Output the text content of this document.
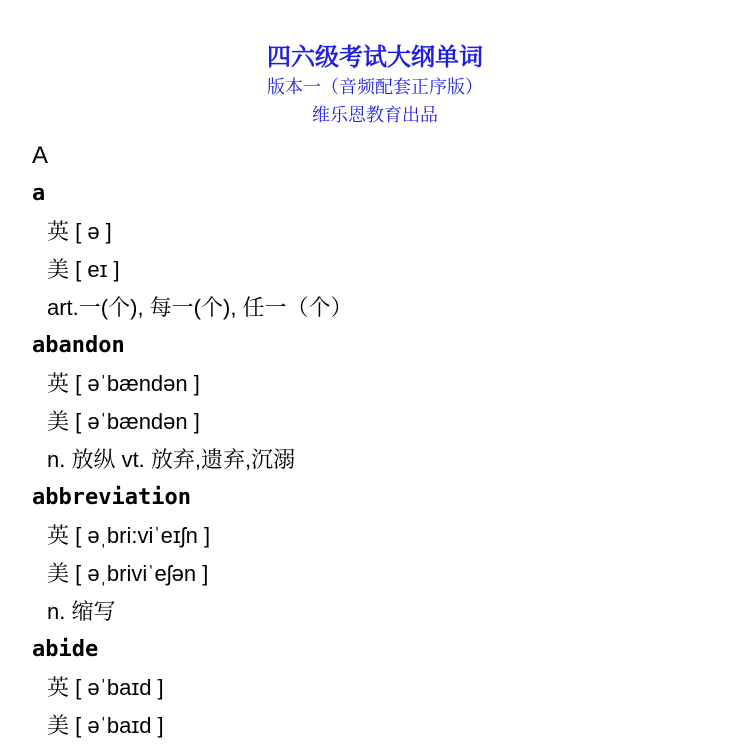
四六级考试大纲单词
版本一（音频配套正序版）
维乐恩教育出品
A
a
英 [ ə ]
美 [ eɪ ]
art.一(个), 每一(个), 任一（个）
abandon
英 [ əˈbændən ]
美 [ əˈbændən ]
n. 放纵 vt. 放弃,遗弃,沉溺
abbreviation
英 [ əˌbri:viˈeɪʃn ]
美 [ əˌbriviˈeʃən ]
n. 缩写
abide
英 [ əˈbaɪd ]
美 [ əˈbaɪd ]
